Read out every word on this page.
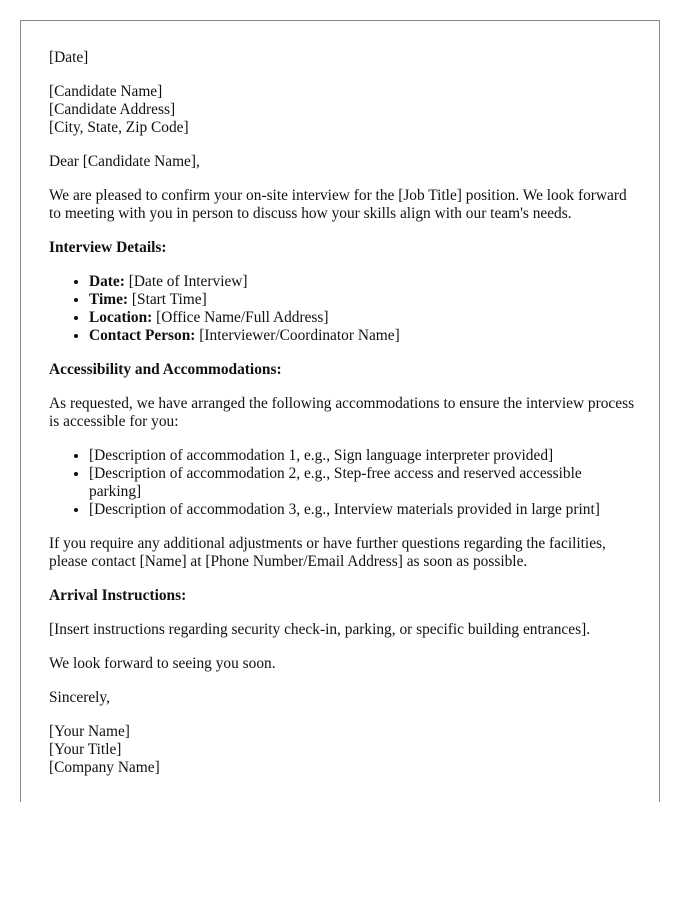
[Date]

[Candidate Name]

[Candidate Address]

[City, State, Zip Code]

Dear [Candidate Name],

We are pleased to confirm your on-site interview for the [Job Title] position. We look forward to meeting with you in person to discuss how your skills align with our team's needs.

Interview Details:

• Date: [Date of Interview]
• Time: [Start Time]
• Location: [Office Name/Full Address]
• Contact Person: [Interviewer/Coordinator Name]

Accessibility and Accommodations:

As requested, we have arranged the following accommodations to ensure the interview process is accessible for you:

• [Description of accommodation 1, e.g., Sign language interpreter provided]
• [Description of accommodation 2, e.g., Step-free access and reserved accessible parking]
• [Description of accommodation 3, e.g., Interview materials provided in large print]

If you require any additional adjustments or have further questions regarding the facilities, please contact [Name] at [Phone Number/Email Address] as soon as possible.

Arrival Instructions:

[Insert instructions regarding security check-in, parking, or specific building entrances].

We look forward to seeing you soon.

Sincerely,

[Your Name]

[Your Title]

[Company Name]
